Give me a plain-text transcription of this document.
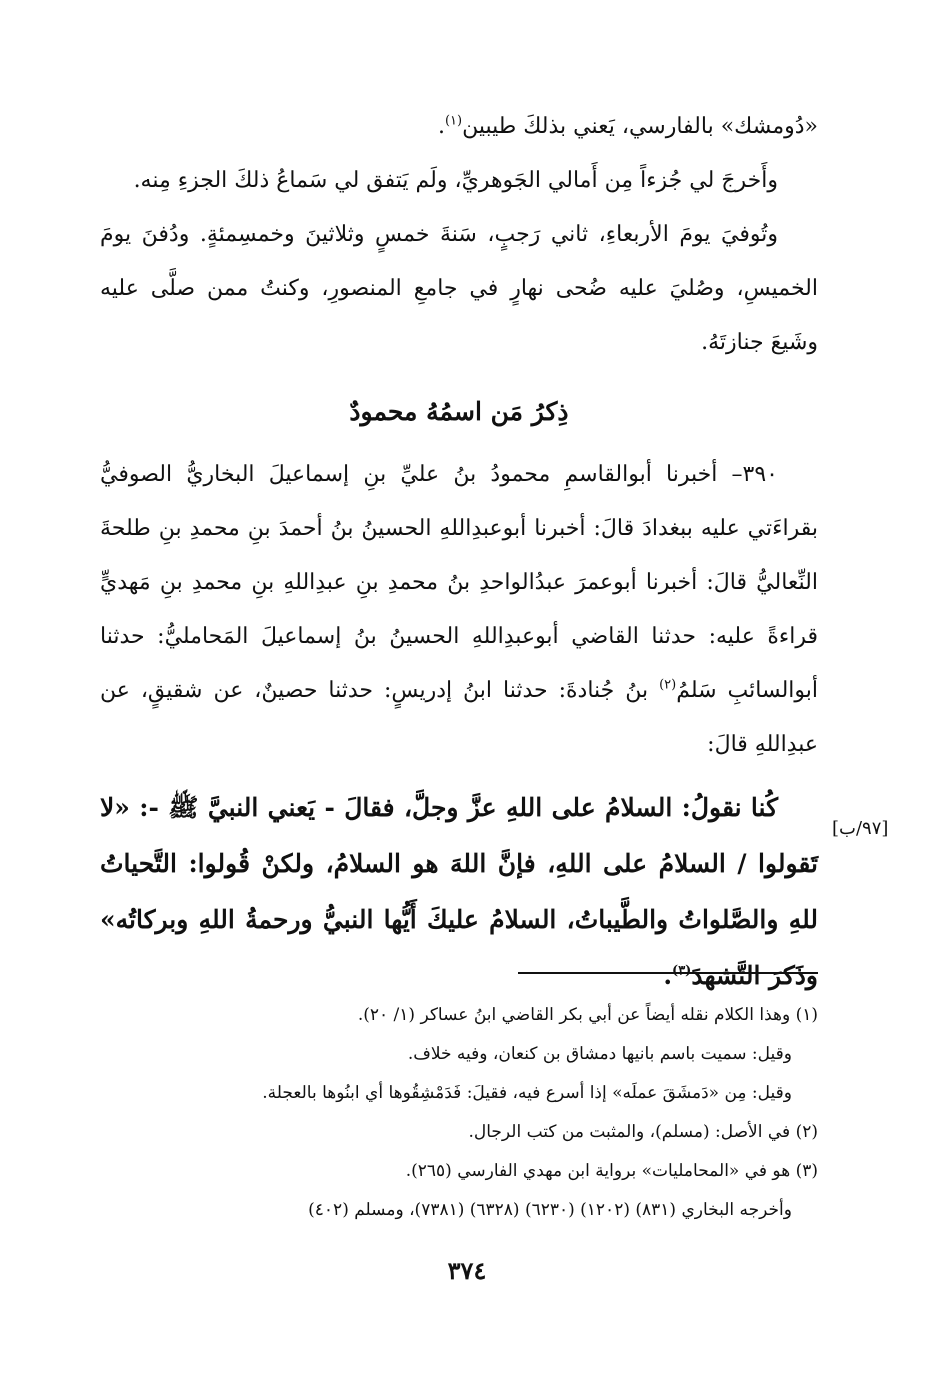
«دُومشك» بالفارسي، يَعني بذلكَ طيبين$^{(١)}$.

وأَخرجَ لي جُزءاً مِن أَمالي الجَوهريِّ، ولَم يَتفق لي سَماعُ ذلكَ الجزءِ مِنه.

وتُوفيَ يومَ الأربعاءِ، ثاني رَجبٍ، سَنةَ خمسٍ وثلاثينَ وخمسِمئةٍ. ودُفنَ يومَ الخميسِ، وصُليَ عليه ضُحى نهارٍ في جامعِ المنصورِ، وكنتُ ممن صلَّى عليه وشَيعَ جنازتَهُ.

ذِكرُ مَن اسمُهُ محمودٌ

٣٩٠– أخبرنا أبوالقاسمِ محمودُ بنُ عليِّ بنِ إسماعيلَ البخاريُّ الصوفيُّ بقراءَتي عليه ببغدادَ قالَ: أخبرنا أبوعبدِاللهِ الحسينُ بنُ أحمدَ بنِ محمدِ بنِ طلحةَ النِّعاليُّ قالَ: أخبرنا أبوعمرَ عبدُالواحدِ بنُ محمدِ بنِ عبدِاللهِ بنِ محمدِ بنِ مَهديٍّ قراءةً عليه: حدثنا القاضي أبوعبدِاللهِ الحسينُ بنُ إسماعيلَ المَحامليُّ: حدثنا أبوالسائبِ سَلمُ$^{(٢)}$ بنُ جُنادةَ: حدثنا ابنُ إدريسٍ: حدثنا حصينٌ، عن شقيقٍ، عن عبدِاللهِ قالَ:

كُنا نقولُ: السلامُ على اللهِ عزَّ وجلَّ، فقالَ - يَعني النبيَّ ﷺ -: «لا تَقولوا / السلامُ على اللهِ، فإنَّ اللهَ هو السلامُ، ولكنْ قُولوا: التَّحياتُ للهِ والصَّلواتُ والطَّيباتُ، السلامُ عليكَ أَيُّها النبيُّ ورحمةُ اللهِ وبركاتُه» وذَكرَ التَّشهدَ$^{(٣)}$.

[٩٧/ب]

(١) وهذا الكلام نقله أيضاً عن أبي بكر القاضي ابنُ عساكر (١/ ٢٠).

وقيل: سميت باسم بانيها دمشاق بن كنعان، وفيه خلاف.

وقيل: مِن «دَمشَقَ عملَه» إذا أسرع فيه، فقيلَ: فَدَمْشِقُوها أي ابنُوها بالعجلة.

(٢) في الأصل: (مسلم)، والمثبت من كتب الرجال.

(٣) هو في «المحامليات» برواية ابن مهدي الفارسي (٢٦٥).

وأخرجه البخاري (٨٣١) (١٢٠٢) (٦٢٣٠) (٦٣٢٨) (٧٣٨١)، ومسلم (٤٠٢)

٣٧٤
